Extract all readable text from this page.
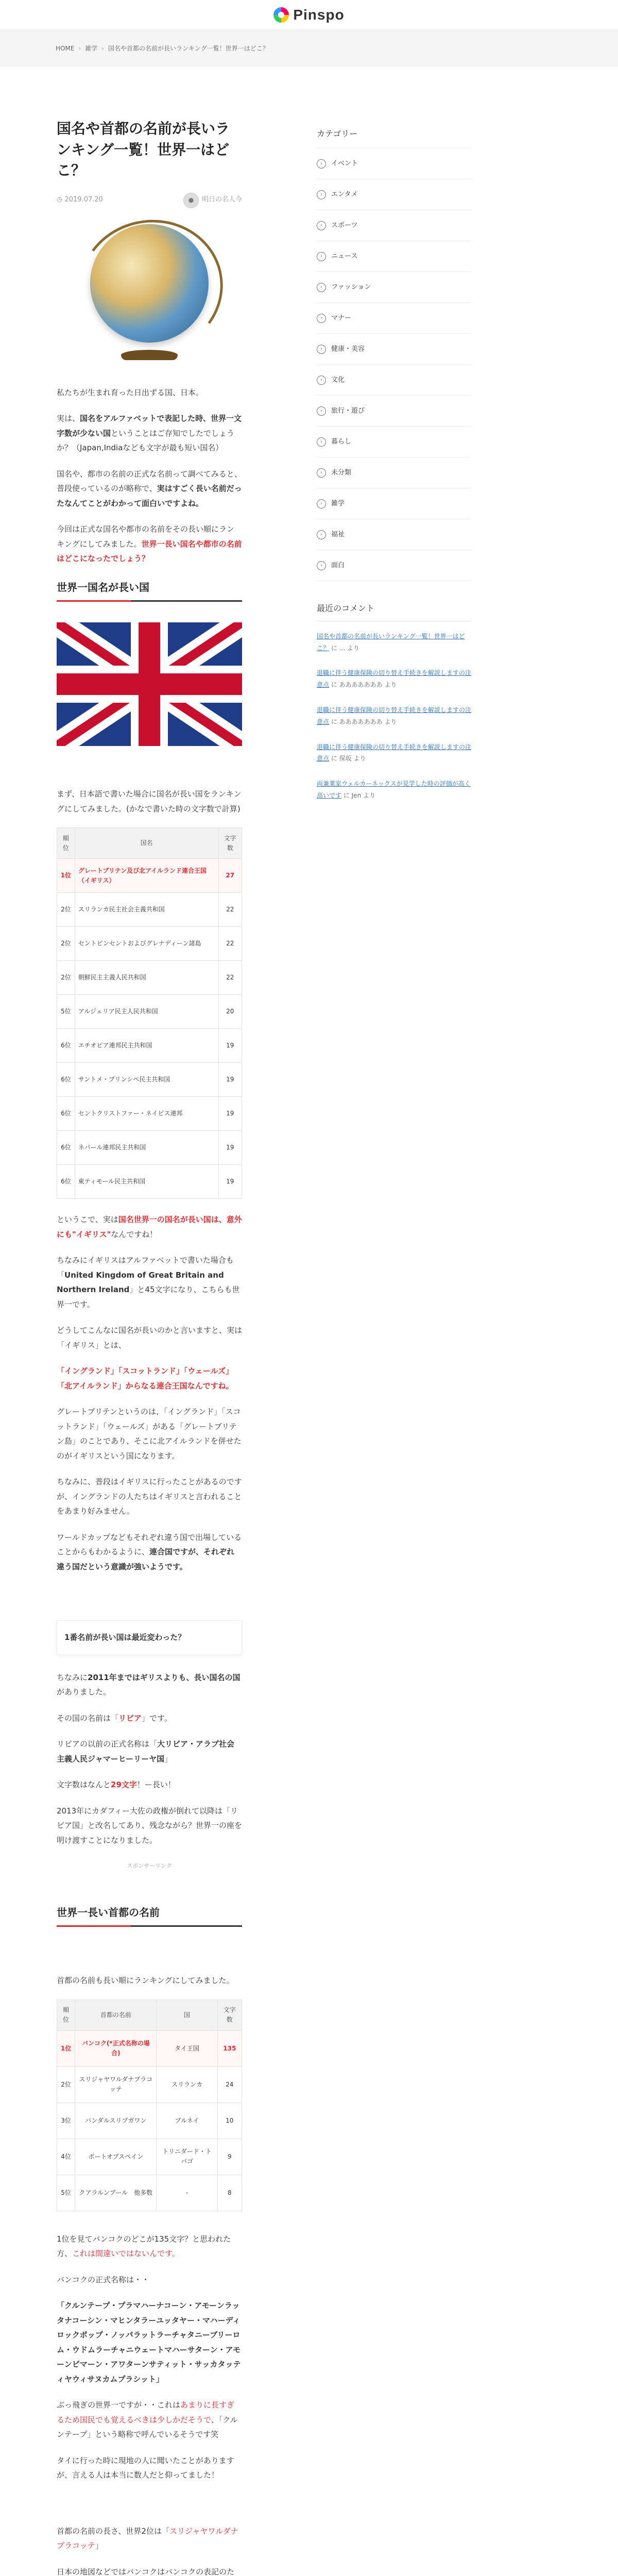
Pinspo
HOME › 雑学 › 国名や首都の名前が長いランキング一覧！世界一はどこ？
国名や首都の名前が長いランキング一覧！世界一はどこ？
◷ 2019.07.20	●	明日の名人今

私たちが生まれ育った日出ずる国、日本。

実は、国名をアルファベットで表記した時、世界一文字数が少ない国ということはご存知でしたでしょうか？（Japan,Indiaなども文字が最も短い国名）

国名や、都市の名前の正式な名前って調べてみると、普段使っているのが略称で、実はすごく長い名前だったなんてことがわかって面白いですよね。

今回は正式な国名や都市の名前をその長い順にランキングにしてみました。世界一長い国名や都市の名前はどこになったでしょう？

世界一国名が長い国

まず、日本語で書いた場合に国名が長い国をランキングにしてみました。(かなで書いた時の文字数で計算)

順位	国名	文字数
1位	グレートブリテン及び北アイルランド連合王国（イギリス）	27
2位	スリランカ民主社会主義共和国	22
2位	セントビンセントおよびグレナディーン諸島	22
2位	朝鮮民主主義人民共和国	22
5位	アルジェリア民主人民共和国	20
6位	エチオピア連邦民主共和国	19
6位	サントメ・プリンシペ民主共和国	19
6位	セントクリストファー・ネイビス連邦	19
6位	ネパール連邦民主共和国	19
6位	東ティモール民主共和国	19

というこで、実は国名世界一の国名が長い国は、意外にも"イギリス"なんですね！

ちなみにイギリスはアルファベットで書いた場合も「United Kingdom of Great Britain and Northern Ireland」と45文字になり、こちらも世界一です。

どうしてこんなに国名が長いのかと言いますと、実は「イギリス」とは、

「イングランド」「スコットランド」「ウェールズ」「北アイルランド」からなる連合王国なんですね。

グレートブリテンというのは、「イングランド」「スコットランド」「ウェールズ」がある「グレートブリテン島」のことであり、そこに北アイルランドを併せたのがイギリスという国になります。

ちなみに、普段はイギリスに行ったことがあるのですが、イングランドの人たちはイギリスと言われることをあまり好みません。

ワールドカップなどもそれぞれ違う国で出場していることからもわかるように、連合国ですが、それぞれ違う国だという意識が強いようです。

1番名前が長い国は最近変わった？

ちなみに2011年まではギリスよりも、長い国名の国がありました。

その国の名前は「リビア」です。

リビアの以前の正式名称は「大リビア・アラブ社会主義人民ジャマーヒーリーヤ国」

文字数はなんと29文字！ー長い！

2013年にカダフィー大佐の政権が倒れて以降は「リビア国」と改名してあり、残念ながら？世界一の座を明け渡すことになりました。

スポンサーリンク
世界一長い首都の名前

首都の名前も長い順にランキングにしてみました。

順位	首都の名前	国	文字数
1位	バンコク(*正式名称の場合)	タイ王国	135
2位	スリジャヤワルダナプラコッテ	スリランカ	24
3位	バンダルスリブガワン	ブルネイ	10
4位	ポートオブスペイン	トリニダード・トバゴ	9
5位	クアラルンプール　他多数	-	8

1位を見てバンコクのどこが135文字？と思われた方、これは間違いではないんです。

バンコクの正式名称は・・

「クルンテープ・プラマハーナコーン・アモーンラッタナコーシン・マヒンタラーユッタヤー・マハーディロックポップ・ノッパラットラーチャタニーブリーロム・ウドムラーチャニウェートマハーサターン・アモーンピマーン・アワターンサティット・サッカタッティヤウィサヌカムプラシット」

ぶっ飛ぎの世界一ですが・・これはあまりに長すぎるため国民でも覚えるべきは少しかだそうで、「クルンテープ」という略称で呼んでいるそうです笑

タイに行った時に現地の人に聞いたことがありますが、言える人は本当に数人だと仰ってました！

首都の名前の長さ、世界2位は「スリジャヤワルダナプラコッテ」

日本の地図などではバンコクはバンコクの表記のた

カテゴリー
›	イベント
›	エンタメ
›	スポーツ
›	ニュース
›	ファッション
›	マナー
›	健康・美容
›	文化
›	旅行・遊び
›	暮らし
›	未分類
›	雑学
›	福祉
›	面白
最近のコメント
国名や首都の名前が長いランキング一覧！世界一はどこ？ に ... より
退職に伴う健康保険の切り替え手続きを解説しますの注意点 に あああああああ より
退職に伴う健康保険の切り替え手続きを解説しますの注意点 に あああああああ より
退職に伴う健康保険の切り替え手続きを解説しますの注意点 に 保坂 より
両兼業家ウェルカーネックスが見学した時の評価が高く高いです に Jen より
